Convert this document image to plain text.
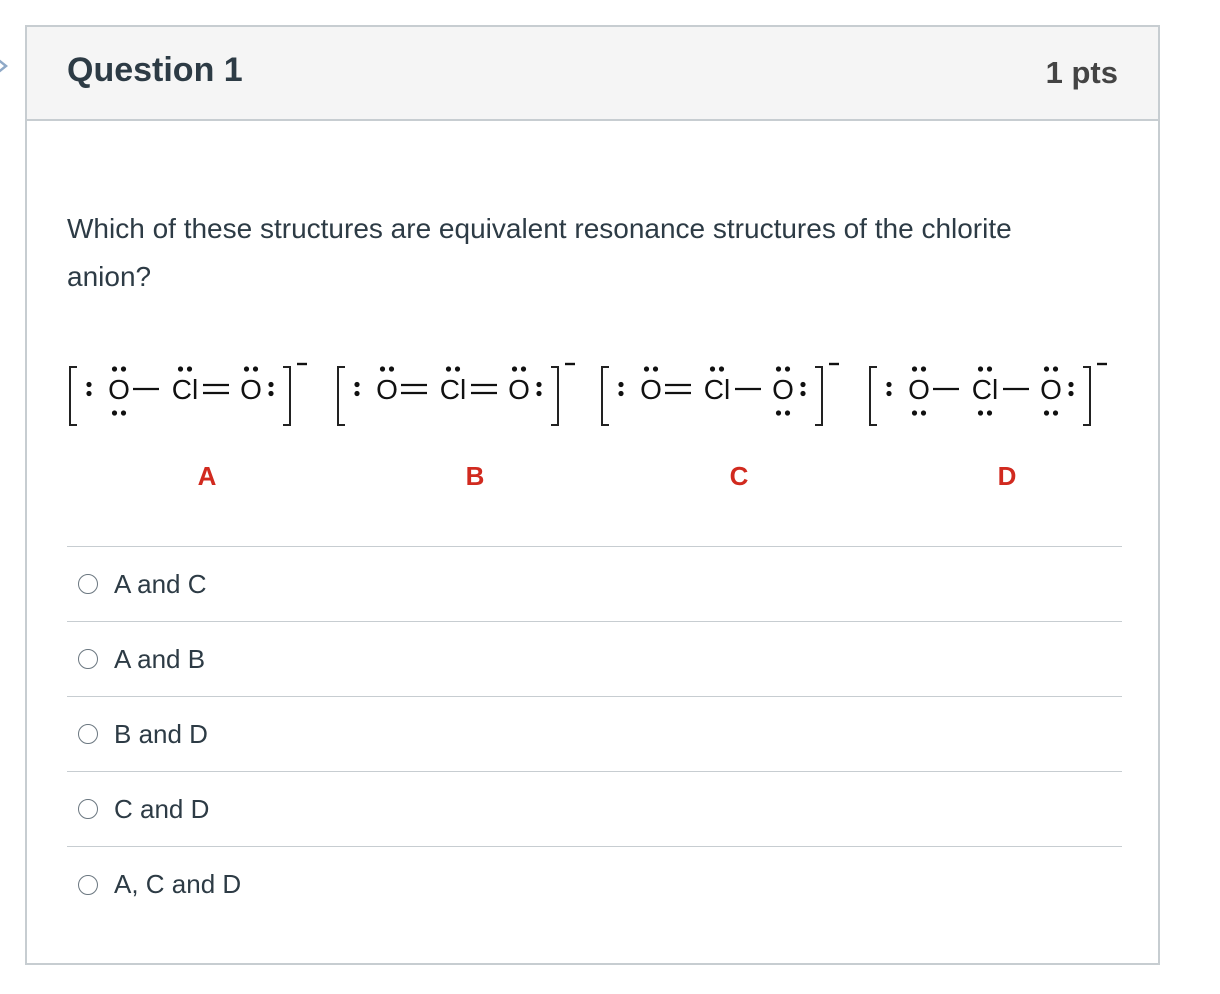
Question 1	1 pts
Which of these structures are equivalent resonance structures of the chlorite anion?
O Cl O
A
O Cl O
B
O Cl O
C
O Cl O
D
A and C
A and B
B and D
C and D
A, C and D
